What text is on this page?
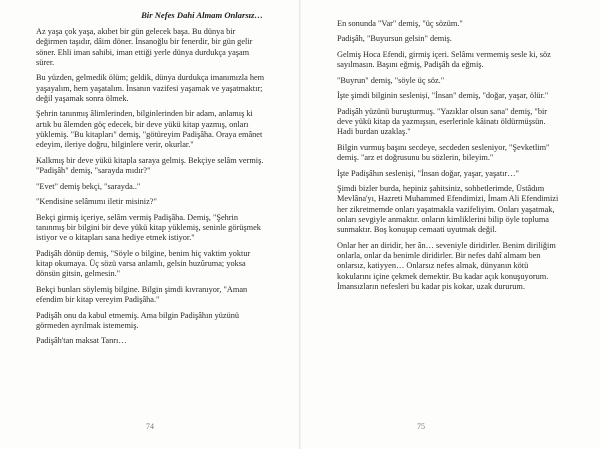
Bir Nefes Dahi Almam Onlarsız…

Az yaşa çok yaşa, akıbet bir gün gelecek başa. Bu dünya bir değirmen taşıdır, dâim döner. İnsanoğlu bir fenerdir, bir gün gelir söner. Ehli iman sahibi, iman ettiği yerle dünya durdukça yaşam sürer.

Bu yüzden, gelmedik ölüm; geldik, dünya durdukça imanımızla hem yaşayalım, hem yaşatalım. İnsanın vazifesi yaşamak ve yaşatmaktır; değil yaşamak sonra ölmek.

Şehrin tanınmış âlimlerinden, bilginlerinden bir adam, anlamış ki artık bu âlemden göç edecek, bir deve yükü kitap yazmış, onları yüklemiş. "Bu kitapları" demiş, "götüreyim Padişâha. Oraya emânet edeyim, ileriye doğru, bilginlere verir, okurlar."

Kalkmış bir deve yükü kitapla saraya gelmiş. Bekçiye selâm vermiş. "Padişâh" demiş, "sarayda mıdır?"

"Evet" demiş bekçi, "sarayda.."

"Kendisine selâmımı iletir misiniz?"

Bekçi girmiş içeriye, selâm vermiş Padişâha. Demiş, "Şehrin tanınmış bir bilgini bir deve yükü kitap yüklemiş, seninle görüşmek istiyor ve o kitapları sana hediye etmek istiyor."

Padişâh dönüp demiş, "Söyle o bilgine, benim hiç vaktim yoktur kitap okumaya. Üç sözü varsa anlamlı, gelsin huzûruma; yoksa dönsün gitsin, gelmesin."

Bekçi bunları söylemiş bilgine. Bilgin şimdi kıvranıyor, "Aman efendim bir kitap vereyim Padişâha."

Padişâh onu da kabul etmemiş. Ama bilgin Padişâhın yüzünü görmeden ayrılmak istememiş.

Padişâh'tan maksat Tanrı…

74

En sonunda "Var" demiş, "üç sözüm."

Padişâh, "Buyursun gelsin" demiş.

Gelmiş Hoca Efendi, girmiş içeri. Selâmı vermemiş sesle ki, söz sayılmasın. Başını eğmiş, Padişâh da eğmiş.

"Buyrun" demiş, "söyle üç söz."

İşte şimdi bilginin sesleniși, "İnsan" demiş, "doğar, yaşar, ölür."

Padişâh yüzünü buruşturmuş. "Yazıklar olsun sana" demiş, "bir deve yükü kitap da yazmışsın, eserlerinle kâinatı öldürmüşsün. Hadi burdan uzaklaş."

Bilgin vurmuş başını secdeye, secdeden sesleniyor, "Şevketlim" demiş. "arz et doğrusunu bu sözlerin, bileyim."

İşte Padişâhın sesleniși, "İnsan doğar, yaşar, yaşatır…"

Şimdi bizler burda, hepiniz şahitsiniz, sohbetlerimde, Üstâdım Mevlâna'yı, Hazreti Muhammed Efendimizi, İmam Ali Efendimizi her zikretmemde onları yaşatmakla vazifeliyim. Onları yaşatmak, onları sevgiyle anmaktır. onların kimliklerini bilip öyle topluma sunmaktır. Boş konuşup cemaati uyutmak değil.

Onlar her an diridir, her ân… seveniyle diridirler. Benim diriliğim onlarla, onlar da benimle diridirler. Bir nefes dahî almam ben onlarsız, katiyyen… Onlarsız nefes almak, dünyanın kötü kokularını içine çekmek demektir. Bu kadar açık konuşuyorum. İmansızların nefesleri bu kadar pis kokar, uzak dururum.

75
